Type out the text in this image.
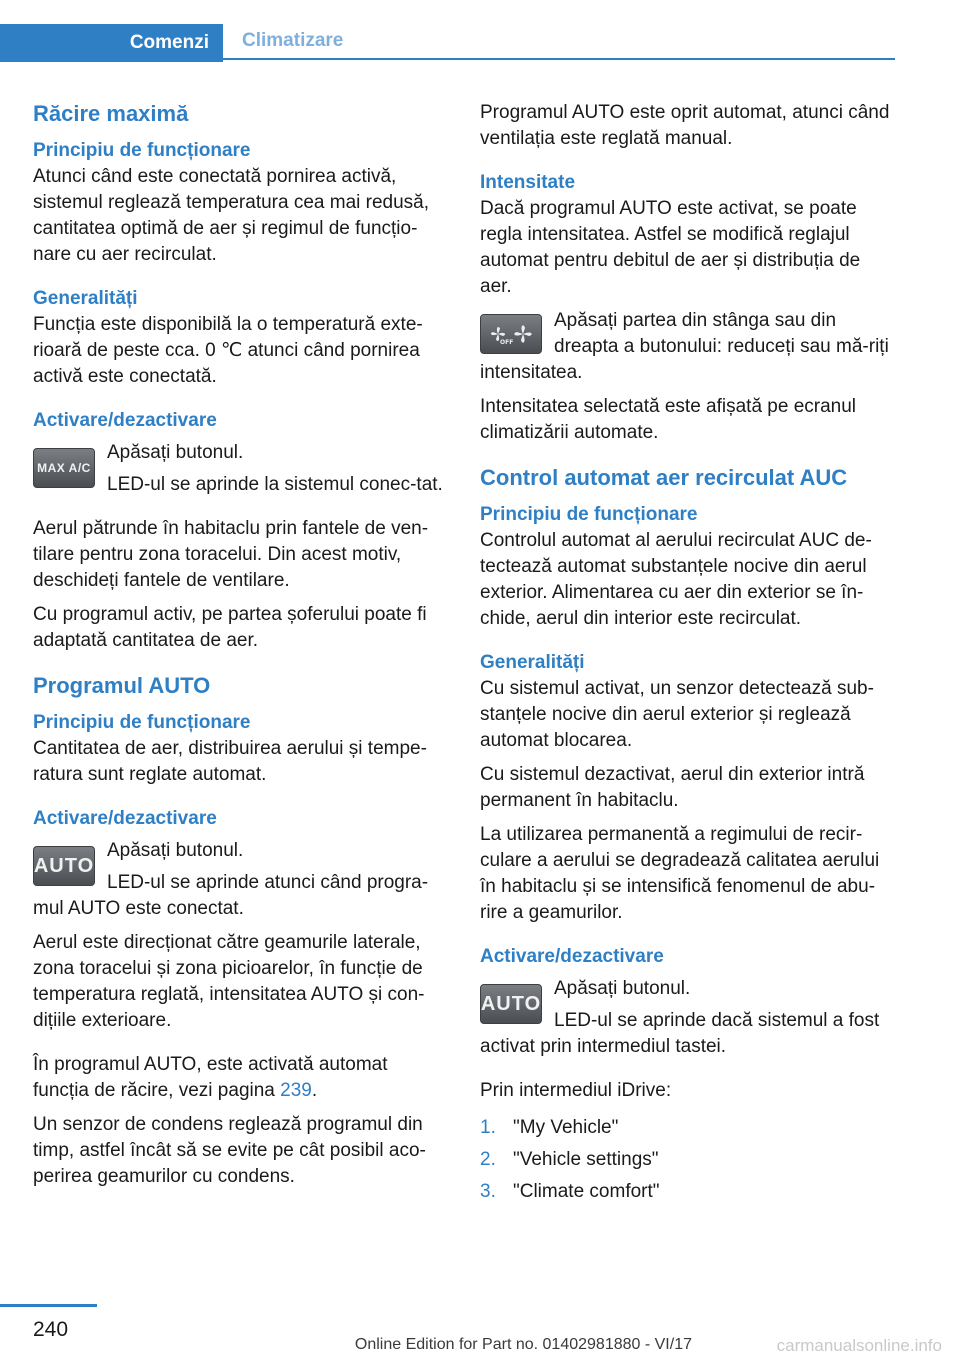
Comenzi	Climatizare
Răcire maximă
Principiu de funcționare

Atunci când este conectată pornirea activă, sistemul reglează temperatura cea mai redusă, cantitatea optimă de aer și regimul de funcțio-nare cu aer recirculat.

Generalități

Funcția este disponibilă la o temperatură exte-rioară de peste cca. 0 ℃ atunci când pornirea activă este conectată.

Activare/dezactivare
MAX A/C

Apăsați butonul.

LED-ul se aprinde la sistemul conec-tat.

Aerul pătrunde în habitaclu prin fantele de ven-tilare pentru zona toracelui. Din acest motiv, deschideți fantele de ventilare.

Cu programul activ, pe partea șoferului poate fi adaptată cantitatea de aer.

Programul AUTO
Principiu de funcționare

Cantitatea de aer, distribuirea aerului și tempe-ratura sunt reglate automat.

Activare/dezactivare
AUTO

Apăsați butonul.

LED-ul se aprinde atunci când progra-mul AUTO este conectat.

Aerul este direcționat către geamurile laterale, zona toracelui și zona picioarelor, în funcție de temperatura reglată, intensitatea AUTO și con-dițiile exterioare.

În programul AUTO, este activată automat funcția de răcire, vezi pagina 239.

Un senzor de condens reglează programul din timp, astfel încât să se evite pe cât posibil aco-perirea geamurilor cu condens.

Programul AUTO este oprit automat, atunci când ventilația este reglată manual.

Intensitate

Dacă programul AUTO este activat, se poate regla intensitatea. Astfel se modifică reglajul automat pentru debitul de aer și distribuția de aer.

OFF

Apăsați partea din stânga sau din dreapta a butonului: reduceți sau mă-riți intensitatea.

Intensitatea selectată este afișată pe ecranul climatizării automate.

Control automat aer recirculat AUC
Principiu de funcționare

Controlul automat al aerului recirculat AUC de-tectează automat substanțele nocive din aerul exterior. Alimentarea cu aer din exterior se în-chide, aerul din interior este recirculat.

Generalități

Cu sistemul activat, un senzor detectează sub-stanțele nocive din aerul exterior și reglează automat blocarea.

Cu sistemul dezactivat, aerul din exterior intră permanent în habitaclu.

La utilizarea permanentă a regimului de recir-culare a aerului se degradează calitatea aerului în habitaclu și se intensifică fenomenul de abu-rire a geamurilor.

Activare/dezactivare
AUTO

Apăsați butonul.

LED-ul se aprinde dacă sistemul a fost activat prin intermediul tastei.

Prin intermediul iDrive:

1. "My Vehicle"
2. "Vehicle settings"
3. "Climate comfort"
240
Online Edition for Part no. 01402981880 - VI/17	carmanualsonline.info
